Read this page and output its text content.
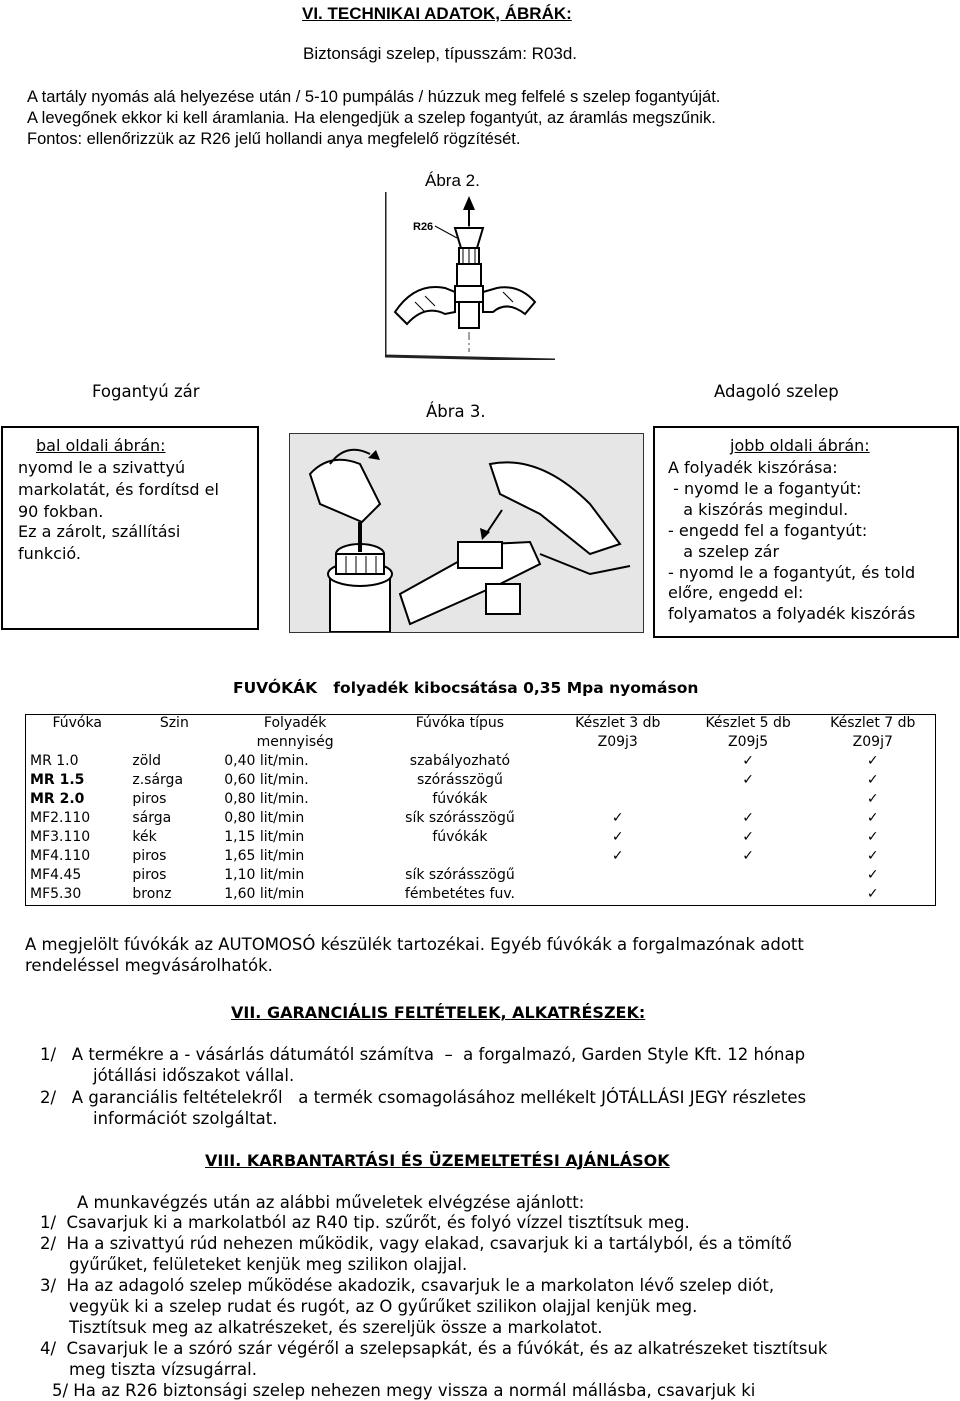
VI. TECHNIKAI ADATOK, ÁBRÁK:
Biztonsági szelep, típusszám: R03d.
A tartály nyomás alá helyezése után / 5-10 pumpálás / húzzuk meg felfelé s szelep fogantyúját.
A levegőnek ekkor ki kell áramlania. Ha elengedjük a szelep fogantyút, az áramlás megszűnik.
Fontos: ellenőrizzük az R26 jelű hollandi anya megfelelő rögzítését.
Ábra 2.
R26
Fogantyú zár
bal oldali ábrán:
nyomd le a szivattyú
markolatát, és fordítsd el
90 fokban.
Ez a zárolt, szállítási
funkció.
Ábra 3.
Adagoló szelep
jobb oldali ábrán:
A folyadék kiszórása:
- nyomd le a fogantyút:
a kiszórás megindul.
- engedd fel a fogantyút:
a szelep zár
- nyomd le a fogantyút, és told
előre, engedd el:
folyamatos a folyadék kiszórás
FUVÓKÁK folyadék kibocsátása 0,35 Mpa nyomáson
Fúvóka	Szin	Folyadék	Fúvóka típus	Készlet 3 db	Készlet 5 db	Készlet 7 db
		mennyiség		Z09j3	Z09j5	Z09j7
MR 1.0	zöld	0,40 lit/min.	szabályozható		✓	✓
MR 1.5	z.sárga	0,60 lit/min.	szórásszögű		✓	✓
MR 2.0	piros	0,80 lit/min.	fúvókák			✓
MF2.110	sárga	0,80 lit/min	sík szórásszögű	✓	✓	✓
MF3.110	kék	1,15 lit/min	fúvókák	✓	✓	✓
MF4.110	piros	1,65 lit/min		✓	✓	✓
MF4.45	piros	1,10 lit/min	sík szórásszögű			✓
MF5.30	bronz	1,60 lit/min	fémbetétes fuv.			✓
A megjelölt fúvókák az AUTOMOSÓ készülék tartozékai. Egyéb fúvókák a forgalmazónak adott
rendeléssel megvásárolhatók.
VII. GARANCIÁLIS FELTÉTELEK, ALKATRÉSZEK:
1/   A termékre a - vásárlás dátumától számítva  –  a forgalmazó, Garden Style Kft. 12 hónap
jótállási időszakot vállal.
2/   A garanciális feltételekről   a termék csomagolásához mellékelt JÓTÁLLÁSI JEGY részletes
információt szolgáltat.
VIII. KARBANTARTÁSI ÉS ÜZEMELTETÉSI AJÁNLÁSOK
A munkavégzés után az alábbi műveletek elvégzése ajánlott:
1/  Csavarjuk ki a markolatból az R40 tip. szűrőt, és folyó vízzel tisztítsuk meg.
2/  Ha a szivattyú rúd nehezen működik, vagy elakad, csavarjuk ki a tartályból, és a tömítő
gyűrűket, felületeket kenjük meg szilikon olajjal.
3/  Ha az adagoló szelep működése akadozik, csavarjuk le a markolaton lévő szelep diót,
vegyük ki a szelep rudat és rugót, az O gyűrűket szilikon olajjal kenjük meg.
Tisztítsuk meg az alkatrészeket, és szereljük össze a markolatot.
4/  Csavarjuk le a szóró szár végéről a szelepsapkát, és a fúvókát, és az alkatrészeket tisztítsuk
meg tiszta vízsugárral.
5/ Ha az R26 biztonsági szelep nehezen megy vissza a normál mállásba, csavarjuk ki
